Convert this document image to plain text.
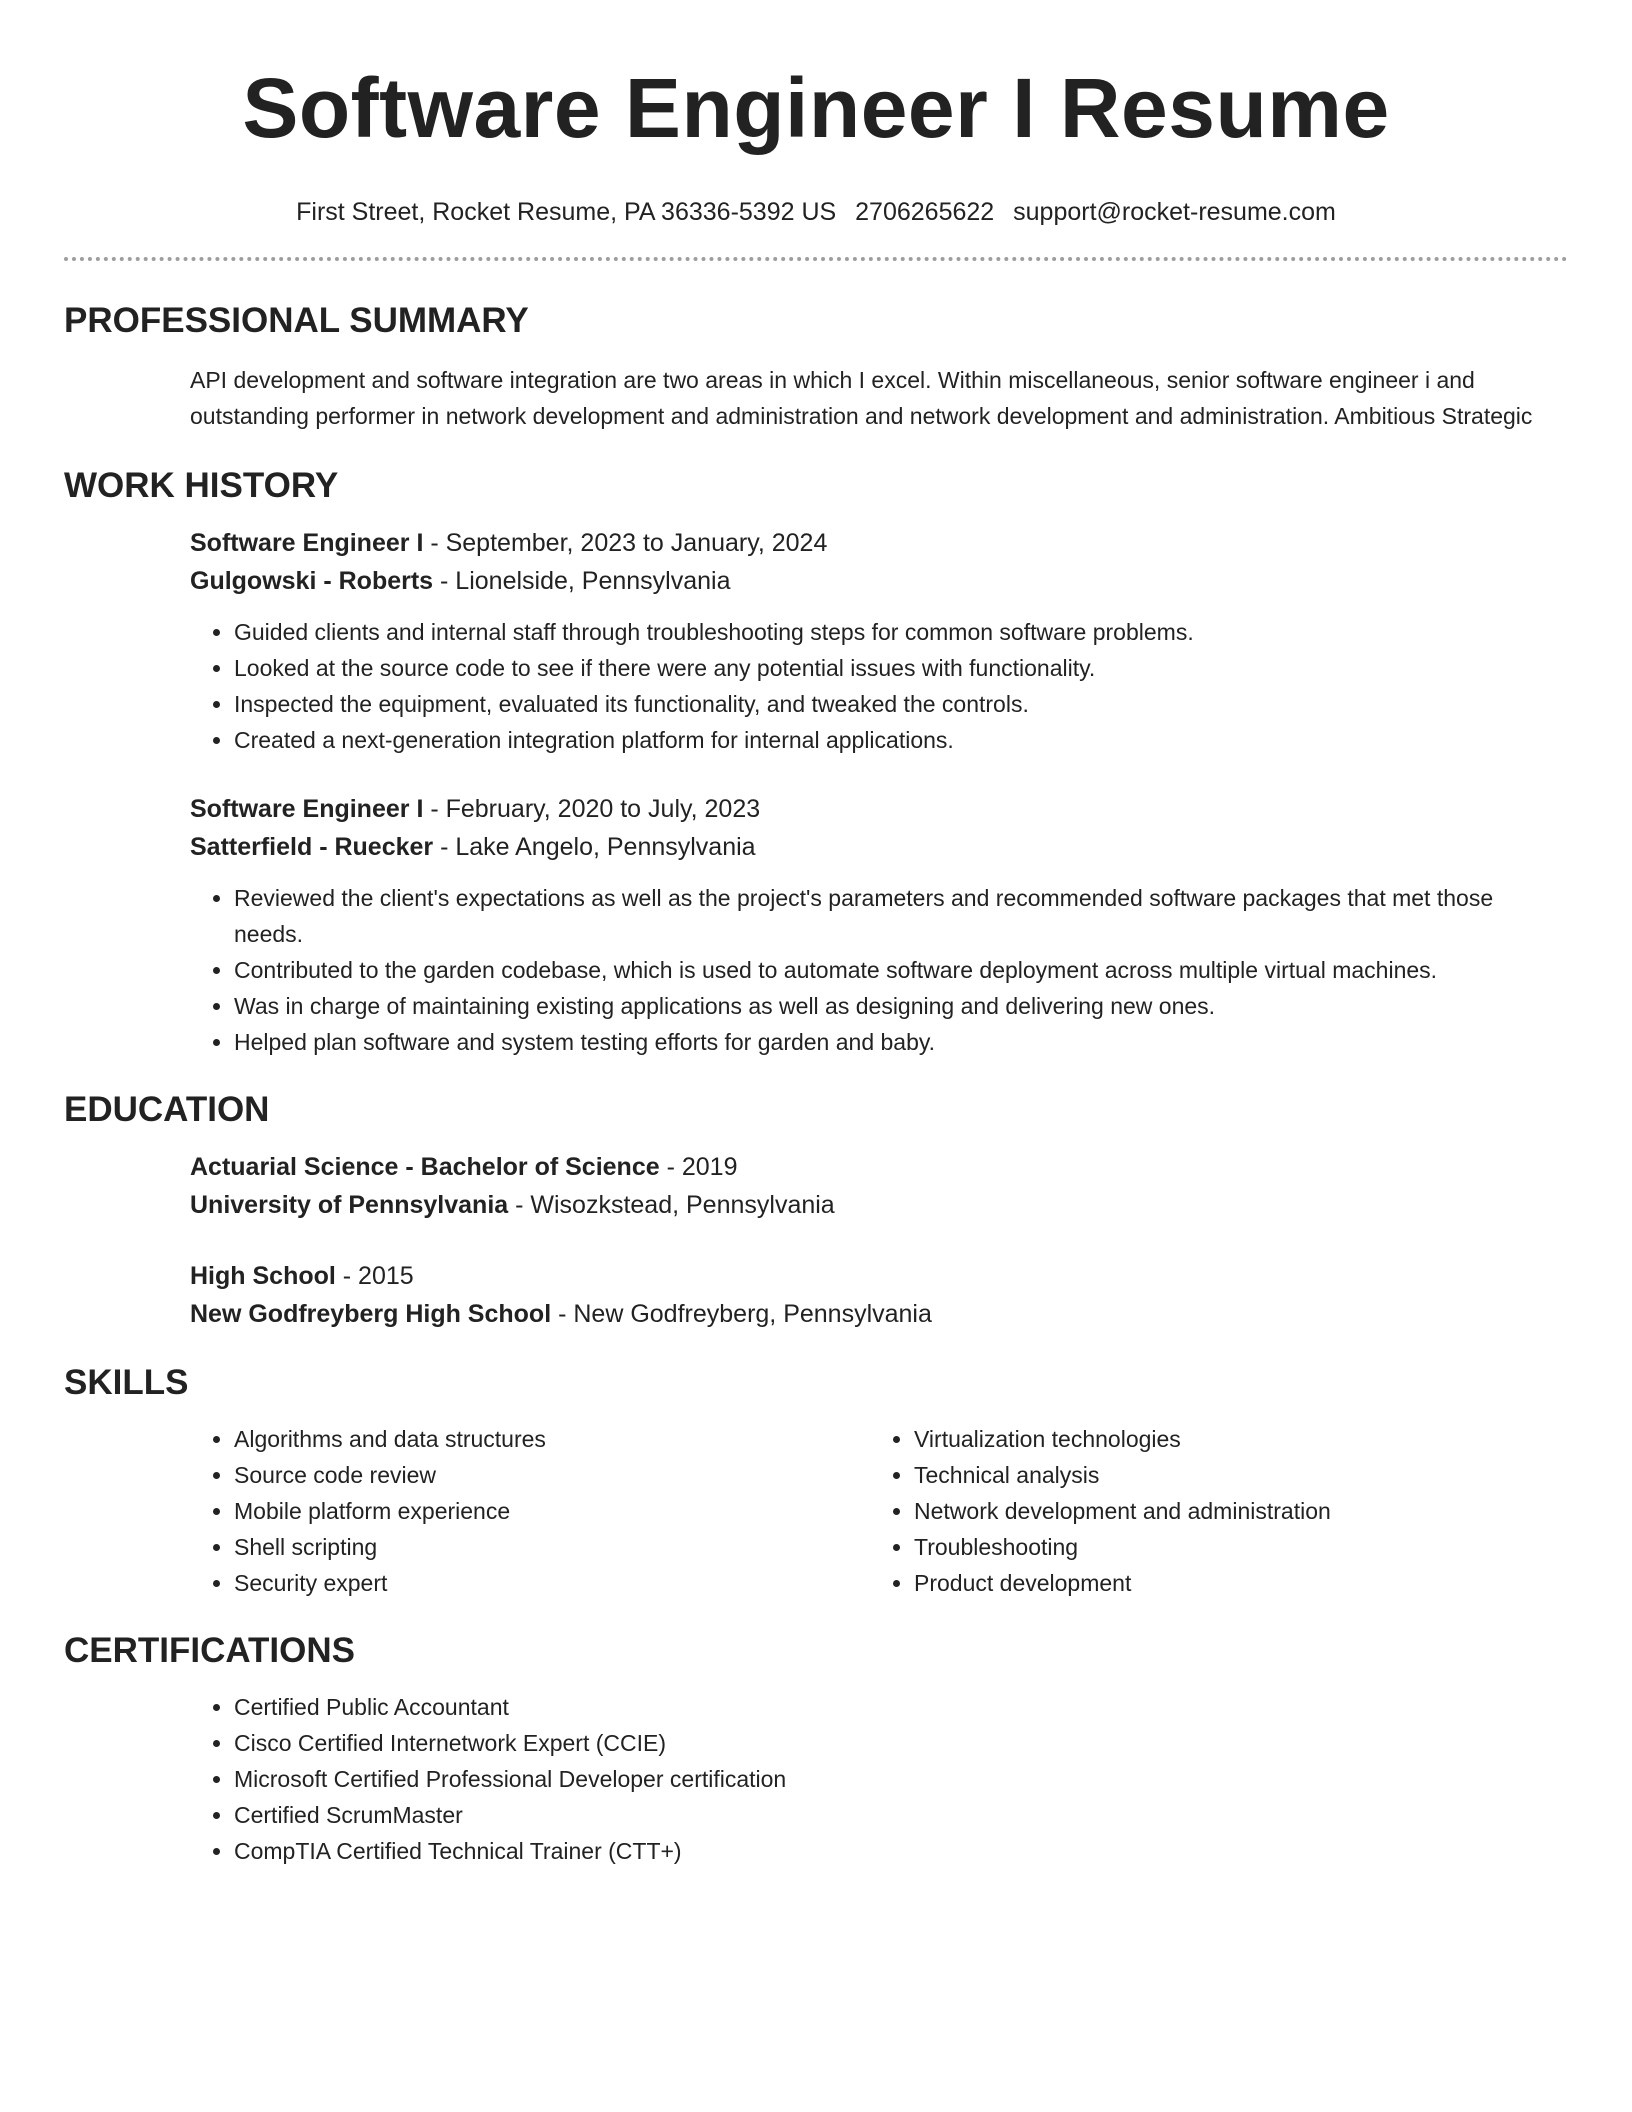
Software Engineer I Resume
First Street, Rocket Resume, PA 36336-5392 US 2706265622 support@rocket-resume.com
PROFESSIONAL SUMMARY

API development and software integration are two areas in which I excel. Within miscellaneous, senior software engineer i and outstanding performer in network development and administration and network development and administration. Ambitious Strategic

WORK HISTORY

Software Engineer I - September, 2023 to January, 2024

Gulgowski - Roberts - Lionelside, Pennsylvania

• Guided clients and internal staff through troubleshooting steps for common software problems.
• Looked at the source code to see if there were any potential issues with functionality.
• Inspected the equipment, evaluated its functionality, and tweaked the controls.
• Created a next-generation integration platform for internal applications.

Software Engineer I - February, 2020 to July, 2023

Satterfield - Ruecker - Lake Angelo, Pennsylvania

• Reviewed the client's expectations as well as the project's parameters and recommended software packages that met those needs.
• Contributed to the garden codebase, which is used to automate software deployment across multiple virtual machines.
• Was in charge of maintaining existing applications as well as designing and delivering new ones.
• Helped plan software and system testing efforts for garden and baby.
EDUCATION

Actuarial Science - Bachelor of Science - 2019

University of Pennsylvania - Wisozkstead, Pennsylvania

High School - 2015

New Godfreyberg High School - New Godfreyberg, Pennsylvania

SKILLS
• Algorithms and data structures
• Source code review
• Mobile platform experience
• Shell scripting
• Security expert
• Virtualization technologies
• Technical analysis
• Network development and administration
• Troubleshooting
• Product development
CERTIFICATIONS
• Certified Public Accountant
• Cisco Certified Internetwork Expert (CCIE)
• Microsoft Certified Professional Developer certification
• Certified ScrumMaster
• CompTIA Certified Technical Trainer (CTT+)
